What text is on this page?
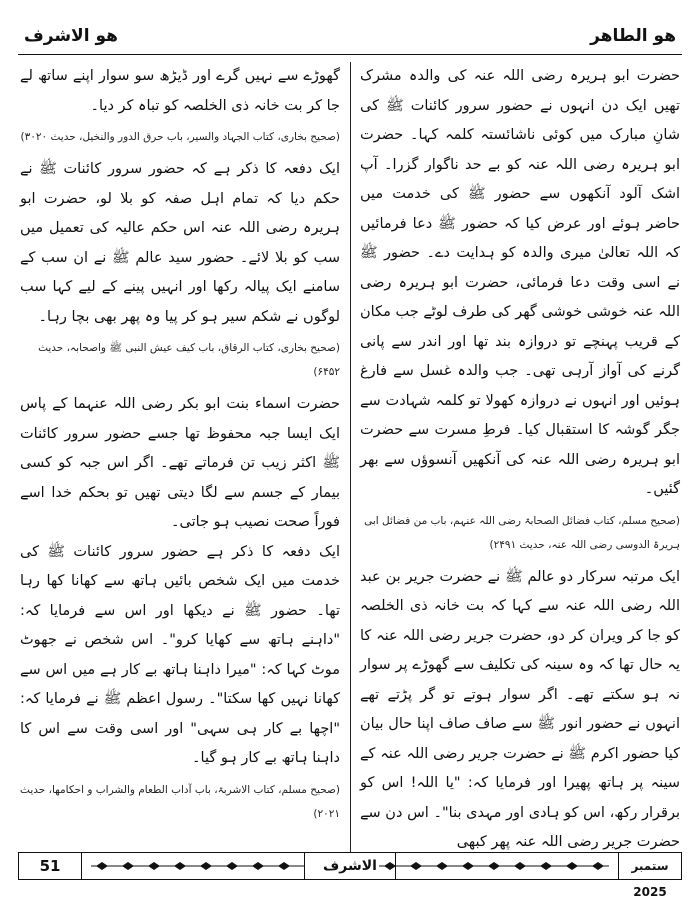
هو الطاهر
هو الاشرف

حضرت ابو ہریرہ رضی اللہ عنہ کی والدہ مشرک تھیں ایک دن انہوں نے حضور سرور کائنات ﷺ کی شانِ مبارک میں کوئی ناشائستہ کلمہ کہا۔ حضرت ابو ہریرہ رضی اللہ عنہ کو بے حد ناگوار گزرا۔ آپ اشک آلود آنکھوں سے حضور ﷺ کی خدمت میں حاضر ہوئے اور عرض کیا کہ حضور ﷺ دعا فرمائیں کہ اللہ تعالیٰ میری والدہ کو ہدایت دے۔ حضور ﷺ نے اسی وقت دعا فرمائی، حضرت ابو ہریرہ رضی اللہ عنہ خوشی خوشی گھر کی طرف لوٹے جب مکان کے قریب پہنچے تو دروازہ بند تھا اور اندر سے پانی گرنے کی آواز آرہی تھی۔ جب والدہ غسل سے فارغ ہوئیں اور انہوں نے دروازہ کھولا تو کلمہ شہادت سے جگر گوشہ کا استقبال کیا۔ فرطِ مسرت سے حضرت ابو ہریرہ رضی اللہ عنہ کی آنکھیں آنسوؤں سے بھر گئیں۔

(صحیح مسلم، کتاب فضائل الصحابۃ رضی اللہ عنہم، باب من فضائل ابی ہریرۃ الدوسی رضی اللہ عنہ، حدیث ۲۴۹۱)

ایک مرتبہ سرکار دو عالم ﷺ نے حضرت جریر بن عبد اللہ رضی اللہ عنہ سے کہا کہ بت خانہ ذی الخلصہ کو جا کر ویران کر دو، حضرت جریر رضی اللہ عنہ کا یہ حال تھا کہ وہ سینہ کی تکلیف سے گھوڑے پر سوار نہ ہو سکتے تھے۔ اگر سوار ہوتے تو گر پڑتے تھے انہوں نے حضور انور ﷺ سے صاف صاف اپنا حال بیان کیا حضور اکرم ﷺ نے حضرت جریر رضی اللہ عنہ کے سینہ پر ہاتھ پھیرا اور فرمایا کہ: "یا اللہ! اس کو برقرار رکھ، اس کو ہادی اور مہدی بنا"۔ اس دن سے حضرت جریر رضی اللہ عنہ پھر کبھی

گھوڑے سے نہیں گرے اور ڈیڑھ سو سوار اپنے ساتھ لے جا کر بت خانہ ذی الخلصہ کو تباہ کر دیا۔

(صحیح بخاری، کتاب الجہاد والسیر، باب حرق الدور والنخیل، حدیث ۳۰۲۰)

ایک دفعہ کا ذکر ہے کہ حضور سرور کائنات ﷺ نے حکم دیا کہ تمام اہل صفہ کو بلا لو، حضرت ابو ہریرہ رضی اللہ عنہ اس حکم عالیہ کی تعمیل میں سب کو بلا لائے۔ حضور سید عالم ﷺ نے ان سب کے سامنے ایک پیالہ رکھا اور انہیں پینے کے لیے کہا سب لوگوں نے شکم سیر ہو کر پیا وہ پھر بھی بچا رہا۔

(صحیح بخاری، کتاب الرقاق، باب کیف عیش النبی ﷺ واصحابہ، حدیث ۶۴۵۲)

حضرت اسماء بنت ابو بکر رضی اللہ عنہما کے پاس ایک ایسا جبہ محفوظ تھا جسے حضور سرور کائنات ﷺ اکثر زیب تن فرماتے تھے۔ اگر اس جبہ کو کسی بیمار کے جسم سے لگا دیتی تھیں تو بحکم خدا اسے فوراً صحت نصیب ہو جاتی۔

ایک دفعہ کا ذکر ہے حضور سرور کائنات ﷺ کی خدمت میں ایک شخص بائیں ہاتھ سے کھانا کھا رہا تھا۔ حضور ﷺ نے دیکھا اور اس سے فرمایا کہ: "داہنے ہاتھ سے کھایا کرو"۔ اس شخص نے جھوٹ موٹ کہا کہ: "میرا داہنا ہاتھ بے کار ہے میں اس سے کھانا نہیں کھا سکتا"۔ رسول اعظم ﷺ نے فرمایا کہ: "اچھا بے کار ہی سہی" اور اسی وقت سے اس کا داہنا ہاتھ بے کار ہو گیا۔

(صحیح مسلم، کتاب الاشربۃ، باب آداب الطعام والشراب و احکامھا، حدیث ۲۰۲۱)

51	الاشرف	ستمبر 2025
